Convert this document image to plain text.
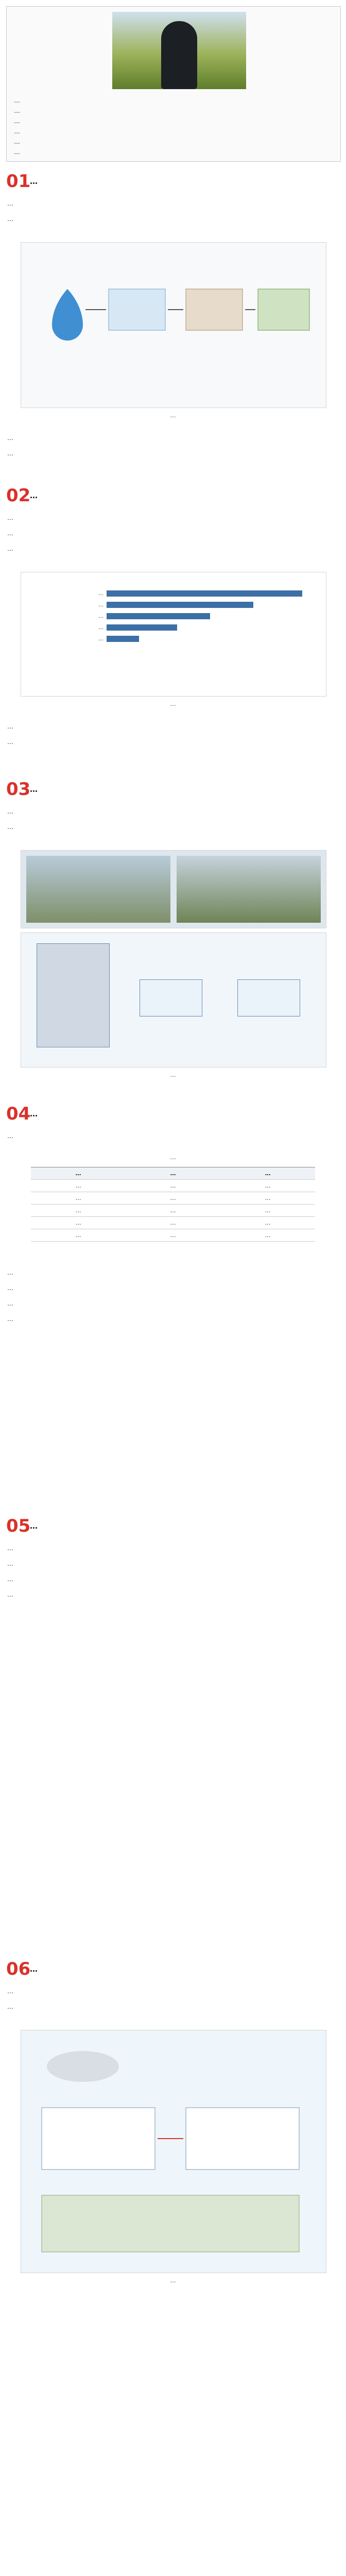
…
…
…
…
…
…
01
…
…
…
…
…
…
02
…
…
…
…
…
…
…
…
…
…
…
…
03
…
…
…
…
04
…
…
…
…	…	…
…	…	…
…	…	…
…	…	…
…	…	…
…	…	…
…
…
…
…
05
…
…
…
…
…
06
…
…
…
…
